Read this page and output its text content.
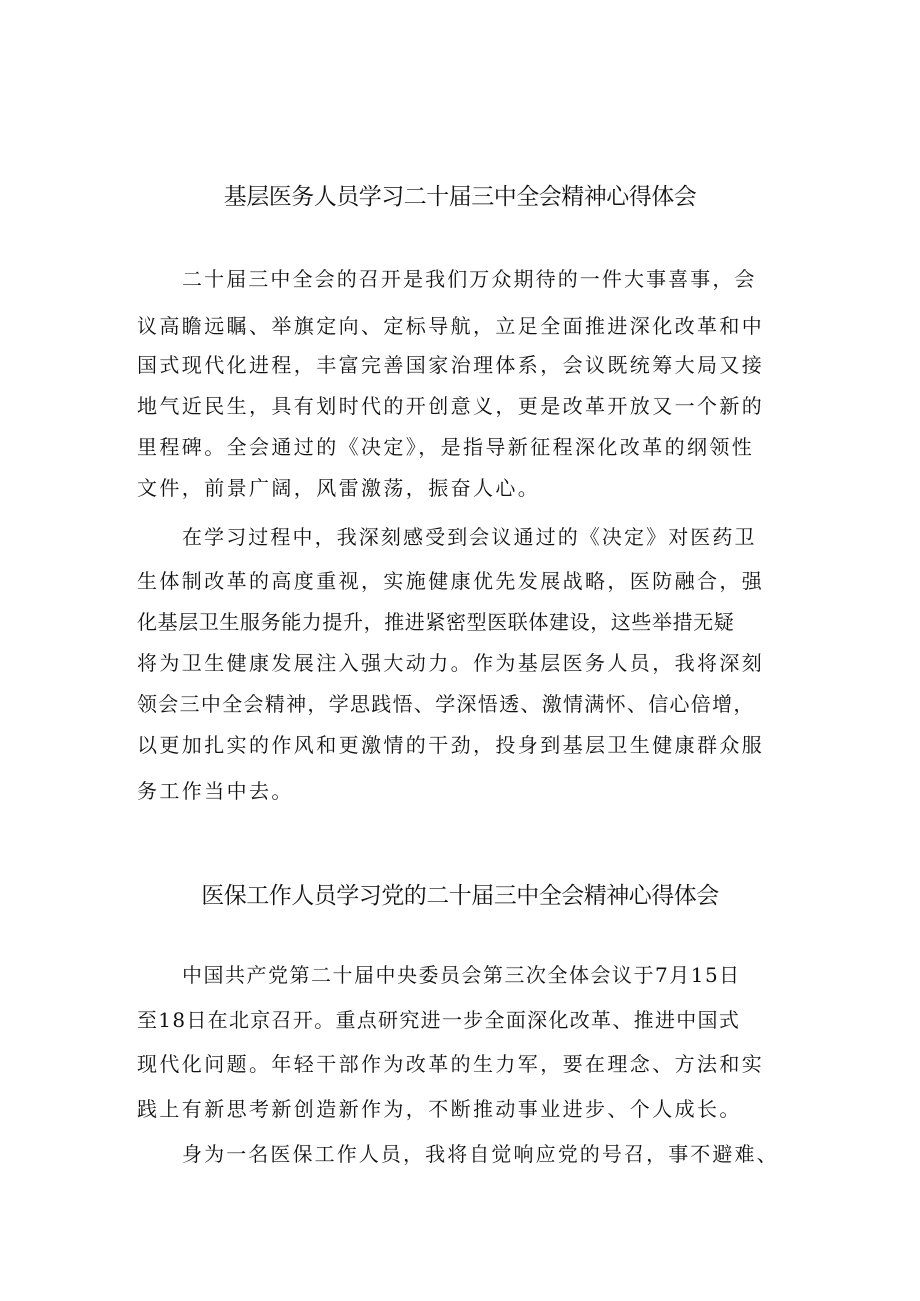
基层医务人员学习二十届三中全会精神心得体会
二十届三中全会的召开是我们万众期待的一件大事喜事，会
议高瞻远瞩、举旗定向、定标导航，立足全面推进深化改革和中
国式现代化进程，丰富完善国家治理体系，会议既统筹大局又接
地气近民生，具有划时代的开创意义，更是改革开放又一个新的
里程碑。全会通过的《决定》，是指导新征程深化改革的纲领性
文件，前景广阔，风雷激荡，振奋人心。
在学习过程中，我深刻感受到会议通过的《决定》对医药卫
生体制改革的高度重视，实施健康优先发展战略，医防融合，强
化基层卫生服务能力提升，推进紧密型医联体建设，这些举措无疑
将为卫生健康发展注入强大动力。作为基层医务人员，我将深刻
领会三中全会精神，学思践悟、学深悟透、激情满怀、信心倍增，
以更加扎实的作风和更激情的干劲，投身到基层卫生健康群众服
务工作当中去。
医保工作人员学习党的二十届三中全会精神心得体会
中国共产党第二十届中央委员会第三次全体会议于7月15日
至18日在北京召开。重点研究进一步全面深化改革、推进中国式
现代化问题。年轻干部作为改革的生力军，要在理念、方法和实
践上有新思考新创造新作为，不断推动事业进步、个人成长。
身为一名医保工作人员，我将自觉响应党的号召，事不避难、
